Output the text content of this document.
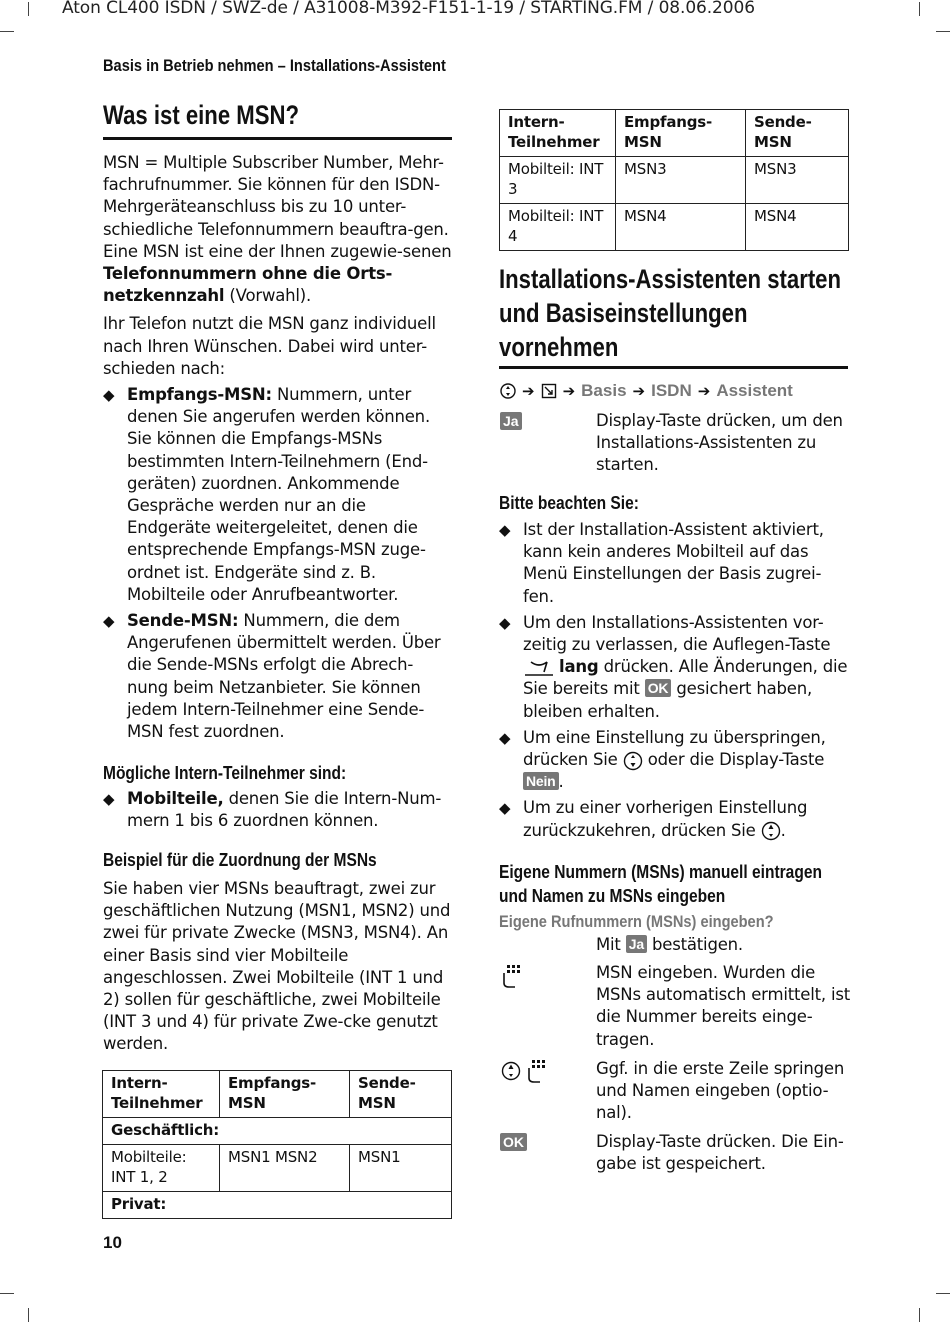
Aton CL400 ISDN / SWZ-de / A31008-M392-F151-1-19 / STARTING.FM / 08.06.2006
Basis in Betrieb nehmen – Installations-Assistent
Was ist eine MSN?

MSN = Multiple Subscriber Number, Mehr-fachrufnummer. Sie können für den ISDN-Mehrgeräteanschluss bis zu 10 unter-schiedliche Telefonnummern beauftra-gen. Eine MSN ist eine der Ihnen zugewie-senen Telefonnummern ohne die Orts-netzkennzahl (Vorwahl).

Ihr Telefon nutzt die MSN ganz individuell nach Ihren Wünschen. Dabei wird unter-schieden nach:

◆ Empfangs-MSN: Nummern, unter denen Sie angerufen werden können. Sie können die Empfangs-MSNs bestimmten Intern-Teilnehmern (End-geräten) zuordnen. Ankommende Gespräche werden nur an die Endgeräte weitergeleitet, denen die entsprechende Empfangs-MSN zuge-ordnet ist. Endgeräte sind z. B. Mobilteile oder Anrufbeantworter.
◆ Sende-MSN: Nummern, die dem Angerufenen übermittelt werden. Über die Sende-MSNs erfolgt die Abrech-nung beim Netzanbieter. Sie können jedem Intern-Teilnehmer eine Sende-MSN fest zuordnen.
Mögliche Intern-Teilnehmer sind:
◆ Mobilteile, denen Sie die Intern-Num-mern 1 bis 6 zuordnen können.
Beispiel für die Zuordnung der MSNs
Sie haben vier MSNs beauftragt, zwei zur geschäftlichen Nutzung (MSN1, MSN2) und zwei für private Zwecke (MSN3, MSN4). An einer Basis sind vier Mobilteile angeschlossen. Zwei Mobilteile (INT 1 und 2) sollen für geschäftliche, zwei Mobilteile (INT 3 und 4) für private Zwe-cke genutzt werden.
Intern-Teilnehmer	Empfangs-MSN	Sende-MSN
Geschäftlich:		
Mobilteile: INT 1, 2	MSN1 MSN2	MSN1
Privat:		
10
Intern-Teilnehmer	Empfangs-MSN	Sende-MSN
Mobilteil: INT 3	MSN3	MSN3
Mobilteil: INT 4	MSN4	MSN4
Installations-Assistenten starten und Basiseinstellungen vornehmen
➔ ➔ Basis ➔ ISDN ➔ Assistent
Ja	Display-Taste drücken, um den Installations-Assistenten zu starten.
Bitte beachten Sie:
◆ Ist der Installation-Assistent aktiviert, kann kein anderes Mobilteil auf das Menü Einstellungen der Basis zugrei-fen.
◆ Um den Installations-Assistenten vor-zeitig zu verlassen, die Auflegen-Taste lang drücken. Alle Änderungen, die Sie bereits mit OK gesichert haben, bleiben erhalten.
◆ Um eine Einstellung zu überspringen, drücken Sie  oder die Display-Taste Nein .
◆ Um zu einer vorherigen Einstellung zurückzukehren, drücken Sie .
Eigene Nummern (MSNs) manuell eintragen und Namen zu MSNs eingeben
Eigene Rufnummern (MSNs) eingeben?
Mit Ja bestätigen.
MSN eingeben. Wurden die MSNs automatisch ermittelt, ist die Nummer bereits einge-tragen.

Ggf. in die erste Zeile springen und Namen eingeben (optio-nal).
OK	Display-Taste drücken. Die Ein-gabe ist gespeichert.
